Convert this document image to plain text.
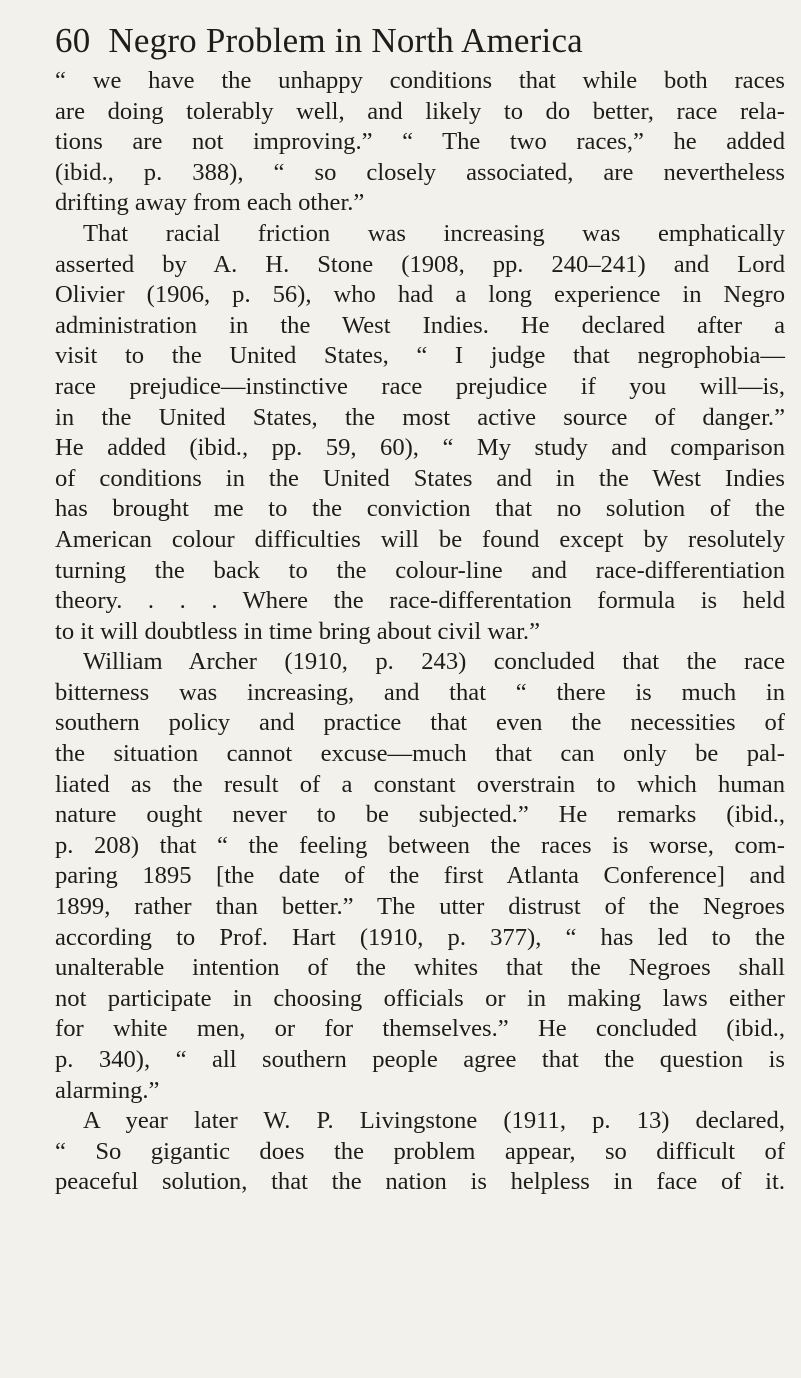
60 Negro Problem in North America

“ we have the unhappy conditions that while both races
are doing tolerably well, and likely to do better, race rela-
tions are not improving.” “ The two races,” he added
(ibid., p. 388), “ so closely associated, are nevertheless
drifting away from each other.”

That racial friction was increasing was emphatically
asserted by A. H. Stone (1908, pp. 240–241) and Lord
Olivier (1906, p. 56), who had a long experience in Negro
administration in the West Indies. He declared after a
visit to the United States, “ I judge that negrophobia—
race prejudice—instinctive race prejudice if you will—is,
in the United States, the most active source of danger.”
He added (ibid., pp. 59, 60), “ My study and comparison
of conditions in the United States and in the West Indies
has brought me to the conviction that no solution of the
American colour difficulties will be found except by resolutely
turning the back to the colour-line and race-differentiation
theory. . . . Where the race-differentation formula is held
to it will doubtless in time bring about civil war.”

William Archer (1910, p. 243) concluded that the race
bitterness was increasing, and that “ there is much in
southern policy and practice that even the necessities of
the situation cannot excuse—much that can only be pal-
liated as the result of a constant overstrain to which human
nature ought never to be subjected.” He remarks (ibid.,
p. 208) that “ the feeling between the races is worse, com-
paring 1895 [the date of the first Atlanta Conference] and
1899, rather than better.” The utter distrust of the Negroes
according to Prof. Hart (1910, p. 377), “ has led to the
unalterable intention of the whites that the Negroes shall
not participate in choosing officials or in making laws either
for white men, or for themselves.” He concluded (ibid.,
p. 340), “ all southern people agree that the question is
alarming.”

A year later W. P. Livingstone (1911, p. 13) declared,
“ So gigantic does the problem appear, so difficult of
peaceful solution, that the nation is helpless in face of it.
